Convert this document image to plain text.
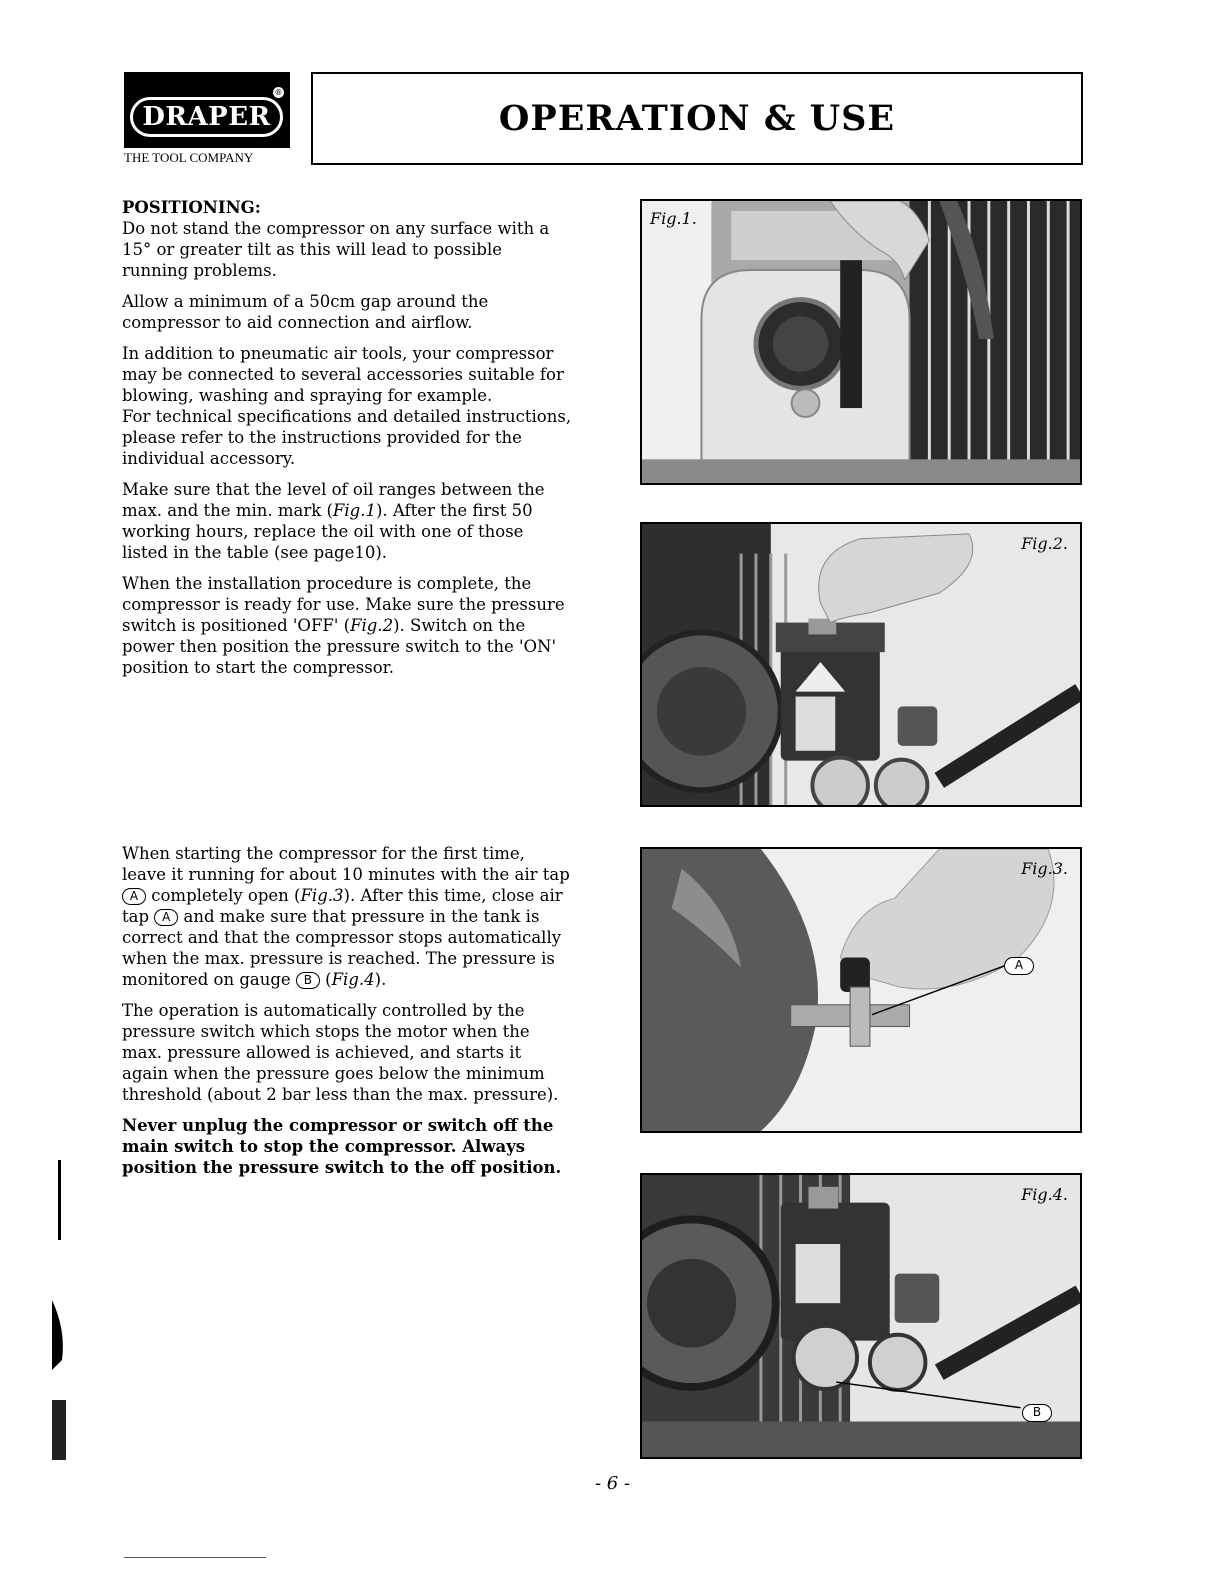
DRAPER
®
THE TOOL COMPANY
OPERATION & USE

POSITIONING:
Do not stand the compressor on any surface with a 15° or greater tilt as this will lead to possible running problems.

Allow a minimum of a 50cm gap around the compressor to aid connection and airflow.

In addition to pneumatic air tools, your compressor may be connected to several accessories suitable for blowing, washing and spraying for example.
For technical specifications and detailed instructions, please refer to the instructions provided for the individual accessory.

Make sure that the level of oil ranges between the max. and the min. mark (Fig.1). After the first 50 working hours, replace the oil with one of those listed in the table (see page10).

When the installation procedure is complete, the compressor is ready for use. Make sure the pressure switch is positioned 'OFF' (Fig.2). Switch on the power then position the pressure switch to the 'ON' position to start the compressor.

When starting the compressor for the first time, leave it running for about 10 minutes with the air tap A completely open (Fig.3). After this time, close air tap A and make sure that pressure in the tank is correct and that the compressor stops automatically when the max. pressure is reached. The pressure is monitored on gauge B (Fig.4).

The operation is automatically controlled by the pressure switch which stops the motor when the max. pressure allowed is achieved, and starts it again when the pressure goes below the minimum threshold (about 2 bar less than the max. pressure).

Never unplug the compressor or switch off the main switch to stop the compressor. Always position the pressure switch to the off position.

Fig.1.
Fig.2.
Fig.3.
A
Fig.4.
B
- 6 -
